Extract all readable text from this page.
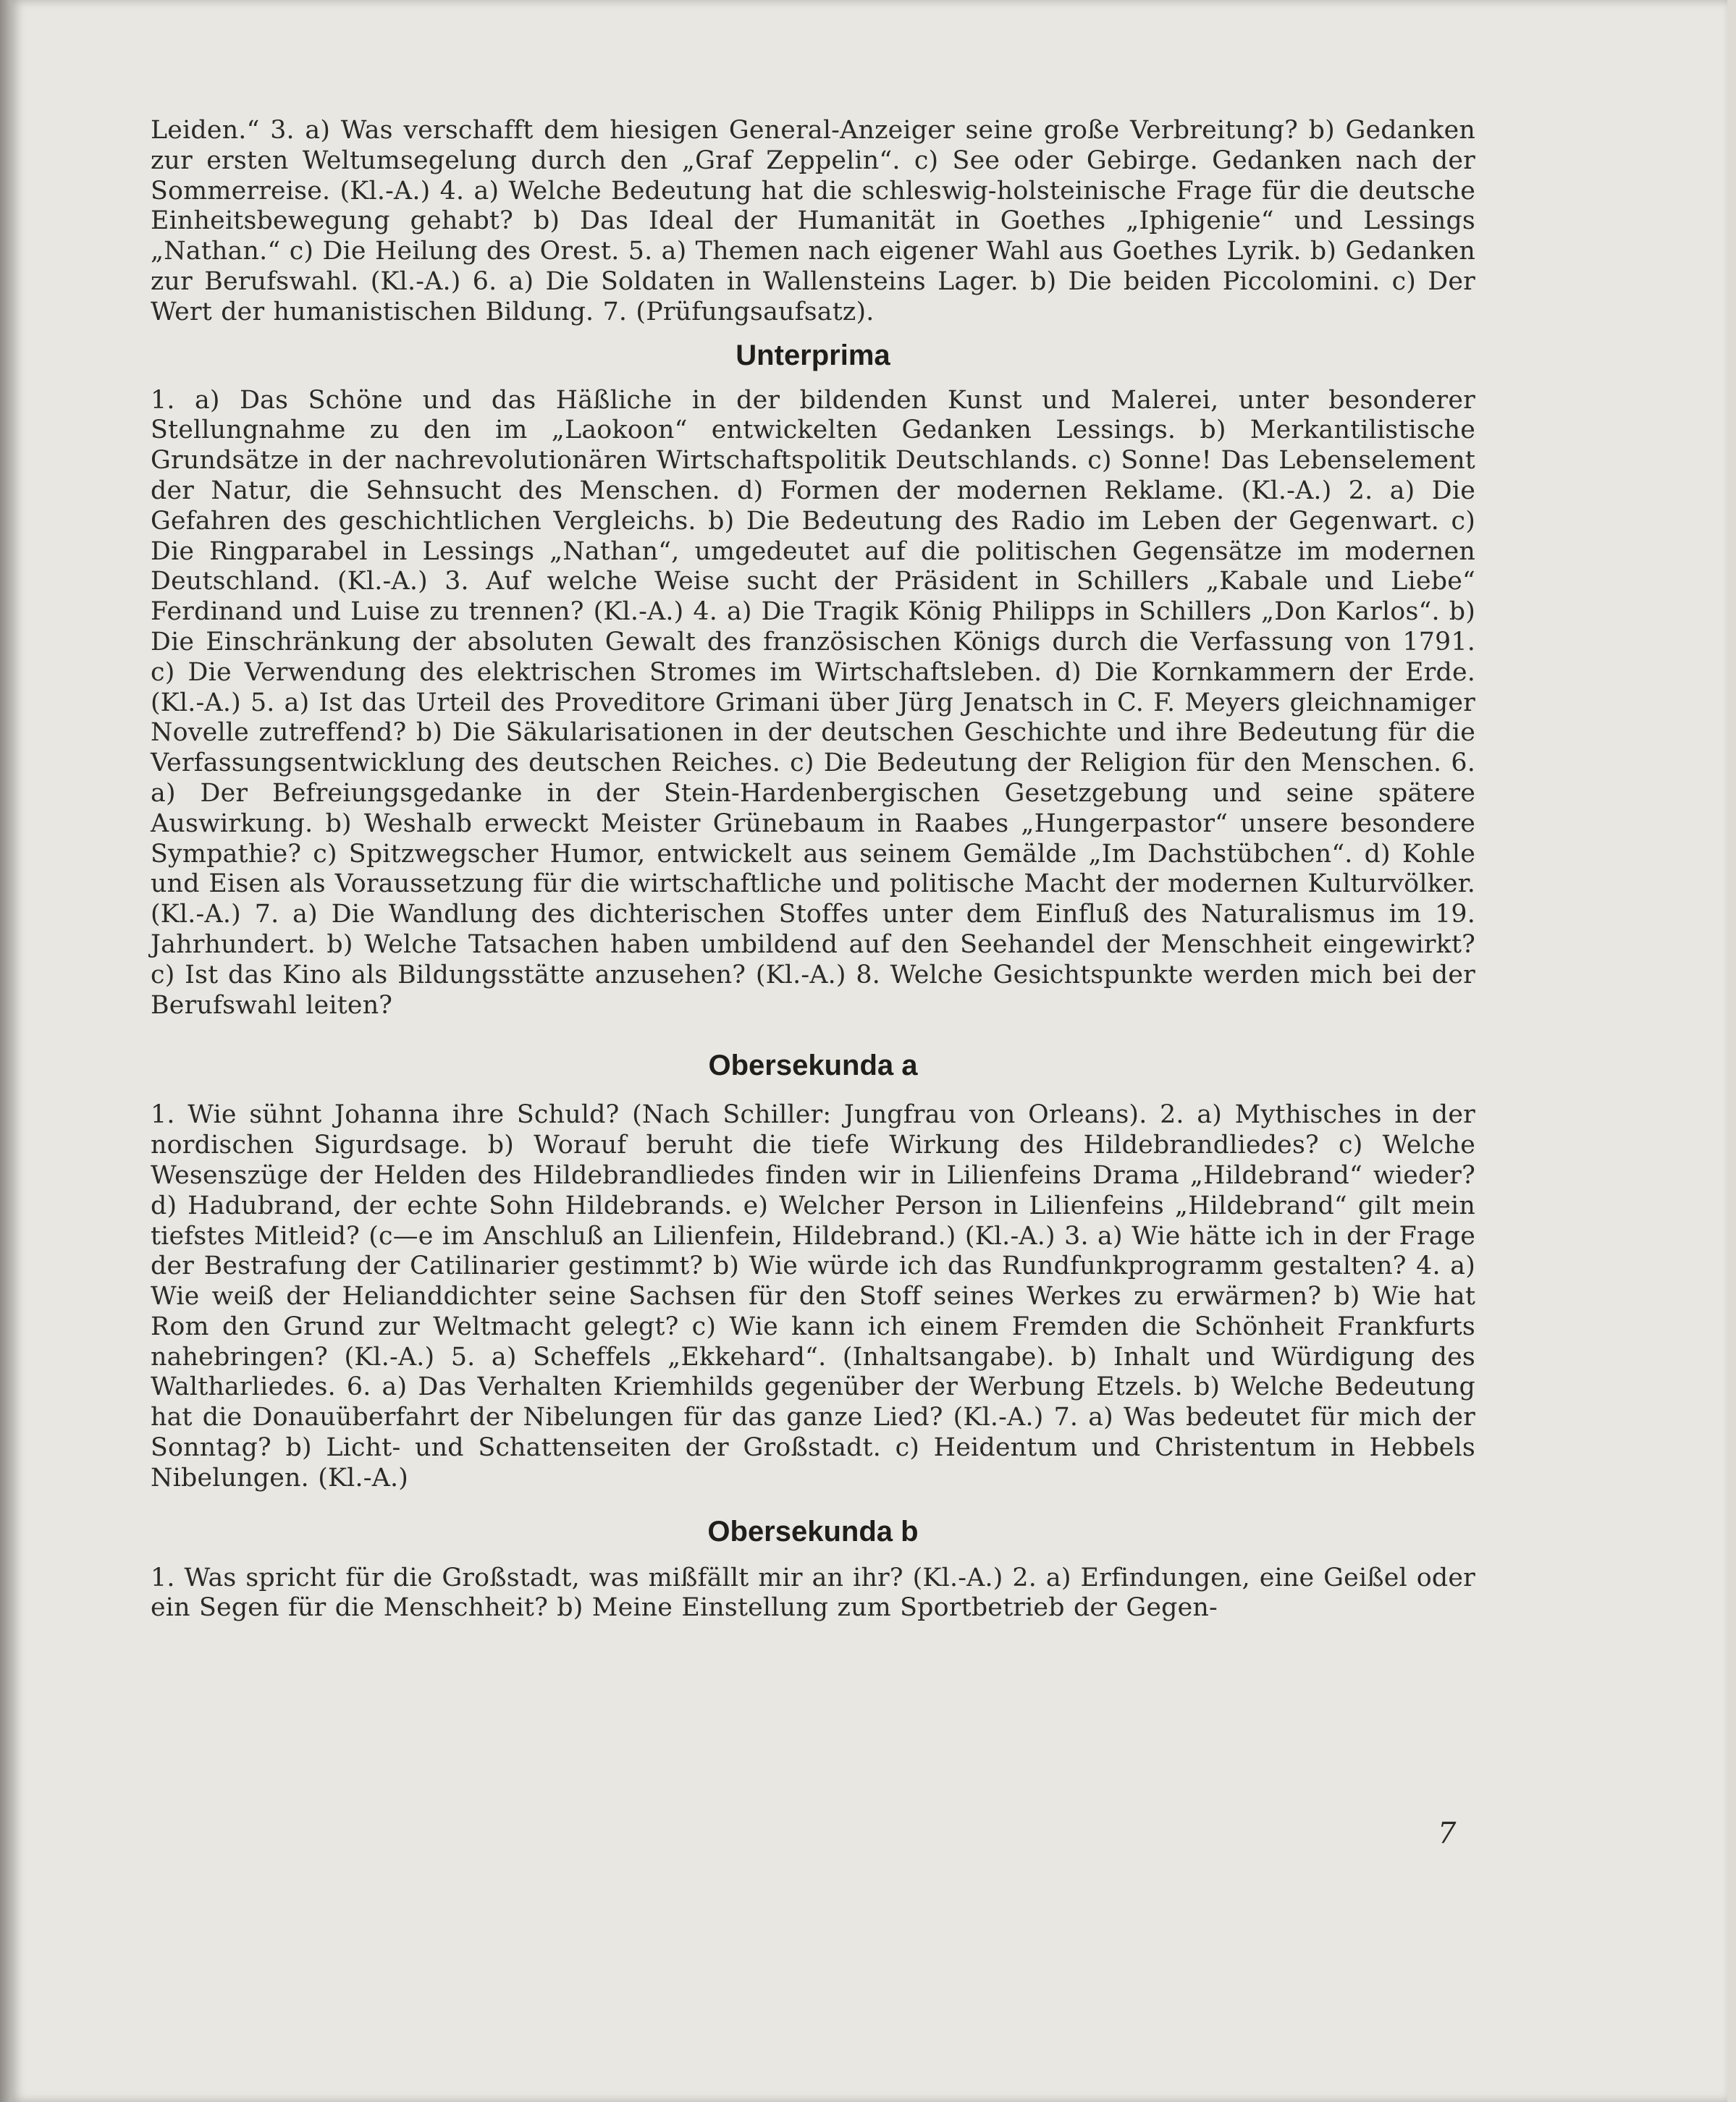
Leiden.“ 3. a) Was verschafft dem hiesigen General-Anzeiger seine große Verbreitung? b) Gedanken zur ersten Weltumsegelung durch den „Graf Zeppelin“. c) See oder Gebirge. Gedanken nach der Sommerreise. (Kl.-A.) 4. a) Welche Bedeutung hat die schleswig-holsteinische Frage für die deutsche Einheitsbewegung gehabt? b) Das Ideal der Humanität in Goethes „Iphigenie“ und Lessings „Nathan.“ c) Die Heilung des Orest. 5. a) Themen nach eigener Wahl aus Goethes Lyrik. b) Gedanken zur Berufswahl. (Kl.-A.) 6. a) Die Soldaten in Wallensteins Lager. b) Die beiden Piccolomini. c) Der Wert der humanistischen Bildung. 7. (Prüfungsaufsatz).

Unterprima

1. a) Das Schöne und das Häßliche in der bildenden Kunst und Malerei, unter besonderer Stellungnahme zu den im „Laokoon“ entwickelten Gedanken Lessings. b) Merkantilistische Grundsätze in der nachrevolutionären Wirtschaftspolitik Deutschlands. c) Sonne! Das Lebenselement der Natur, die Sehnsucht des Menschen. d) Formen der modernen Reklame. (Kl.-A.) 2. a) Die Gefahren des geschichtlichen Vergleichs. b) Die Bedeutung des Radio im Leben der Gegenwart. c) Die Ringparabel in Lessings „Nathan“, umgedeutet auf die politischen Gegensätze im modernen Deutschland. (Kl.-A.) 3. Auf welche Weise sucht der Präsident in Schillers „Kabale und Liebe“ Ferdinand und Luise zu trennen? (Kl.-A.) 4. a) Die Tragik König Philipps in Schillers „Don Karlos“. b) Die Einschränkung der absoluten Gewalt des französischen Königs durch die Verfassung von 1791. c) Die Verwendung des elektrischen Stromes im Wirtschaftsleben. d) Die Kornkammern der Erde. (Kl.-A.) 5. a) Ist das Urteil des Proveditore Grimani über Jürg Jenatsch in C. F. Meyers gleichnamiger Novelle zutreffend? b) Die Säkularisationen in der deutschen Geschichte und ihre Bedeutung für die Verfassungsentwicklung des deutschen Reiches. c) Die Bedeutung der Religion für den Menschen. 6. a) Der Befreiungsgedanke in der Stein-Hardenbergischen Gesetzgebung und seine spätere Auswirkung. b) Weshalb erweckt Meister Grünebaum in Raabes „Hungerpastor“ unsere besondere Sympathie? c) Spitzwegscher Humor, entwickelt aus seinem Gemälde „Im Dachstübchen“. d) Kohle und Eisen als Voraussetzung für die wirtschaftliche und politische Macht der modernen Kulturvölker. (Kl.-A.) 7. a) Die Wandlung des dichterischen Stoffes unter dem Einfluß des Naturalismus im 19. Jahrhundert. b) Welche Tatsachen haben umbildend auf den Seehandel der Menschheit eingewirkt? c) Ist das Kino als Bildungsstätte anzusehen? (Kl.-A.) 8. Welche Gesichtspunkte werden mich bei der Berufswahl leiten?

Obersekunda a

1. Wie sühnt Johanna ihre Schuld? (Nach Schiller: Jungfrau von Orleans). 2. a) Mythisches in der nordischen Sigurdsage. b) Worauf beruht die tiefe Wirkung des Hildebrandliedes? c) Welche Wesenszüge der Helden des Hildebrandliedes finden wir in Lilienfeins Drama „Hildebrand“ wieder? d) Hadubrand, der echte Sohn Hildebrands. e) Welcher Person in Lilienfeins „Hildebrand“ gilt mein tiefstes Mitleid? (c—e im Anschluß an Lilienfein, Hildebrand.) (Kl.-A.) 3. a) Wie hätte ich in der Frage der Bestrafung der Catilinarier gestimmt? b) Wie würde ich das Rundfunkprogramm gestalten? 4. a) Wie weiß der Helianddichter seine Sachsen für den Stoff seines Werkes zu erwärmen? b) Wie hat Rom den Grund zur Weltmacht gelegt? c) Wie kann ich einem Fremden die Schönheit Frankfurts nahebringen? (Kl.-A.) 5. a) Scheffels „Ekkehard“. (Inhaltsangabe). b) Inhalt und Würdigung des Waltharliedes. 6. a) Das Verhalten Kriemhilds gegenüber der Werbung Etzels. b) Welche Bedeutung hat die Donauüberfahrt der Nibelungen für das ganze Lied? (Kl.-A.) 7. a) Was bedeutet für mich der Sonntag? b) Licht- und Schattenseiten der Großstadt. c) Heidentum und Christentum in Hebbels Nibelungen. (Kl.-A.)

Obersekunda b

1. Was spricht für die Großstadt, was mißfällt mir an ihr? (Kl.-A.) 2. a) Erfindungen, eine Geißel oder ein Segen für die Menschheit? b) Meine Einstellung zum Sportbetrieb der Gegen-

7
